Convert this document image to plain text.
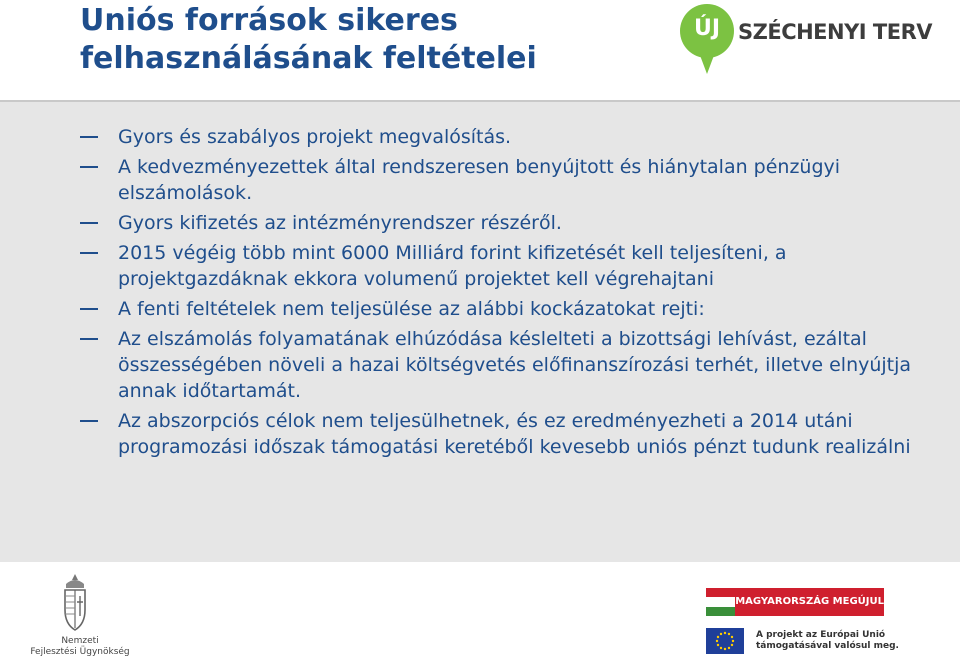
Uniós források sikeres
felhasználásának feltételei
ÚJ SZÉCHENYI TERV
Gyors és szabályos projekt megvalósítás.
A kedvezményezettek által rendszeresen benyújtott és hiánytalan pénzügyi elszámolások.
Gyors kifizetés az intézményrendszer részéről.
2015 végéig több mint 6000 Milliárd forint kifizetését kell teljesíteni, a projektgazdáknak ekkora volumenű projektet kell végrehajtani
A fenti feltételek nem teljesülése az alábbi kockázatokat rejti:
Az elszámolás folyamatának elhúzódása késlelteti a bizottsági lehívást, ezáltal összességében növeli a hazai költségvetés előfinanszírozási terhét, illetve elnyújtja annak időtartamát.
Az abszorpciós célok nem teljesülhetnek, és ez eredményezheti a 2014 utáni programozási időszak támogatási keretéből kevesebb uniós pénzt tudunk realizálni
Nemzeti
Fejlesztési Ügynökség
MAGYARORSZÁG MEGÚJUL
A projekt az Európai Unió
támogatásával valósul meg.
